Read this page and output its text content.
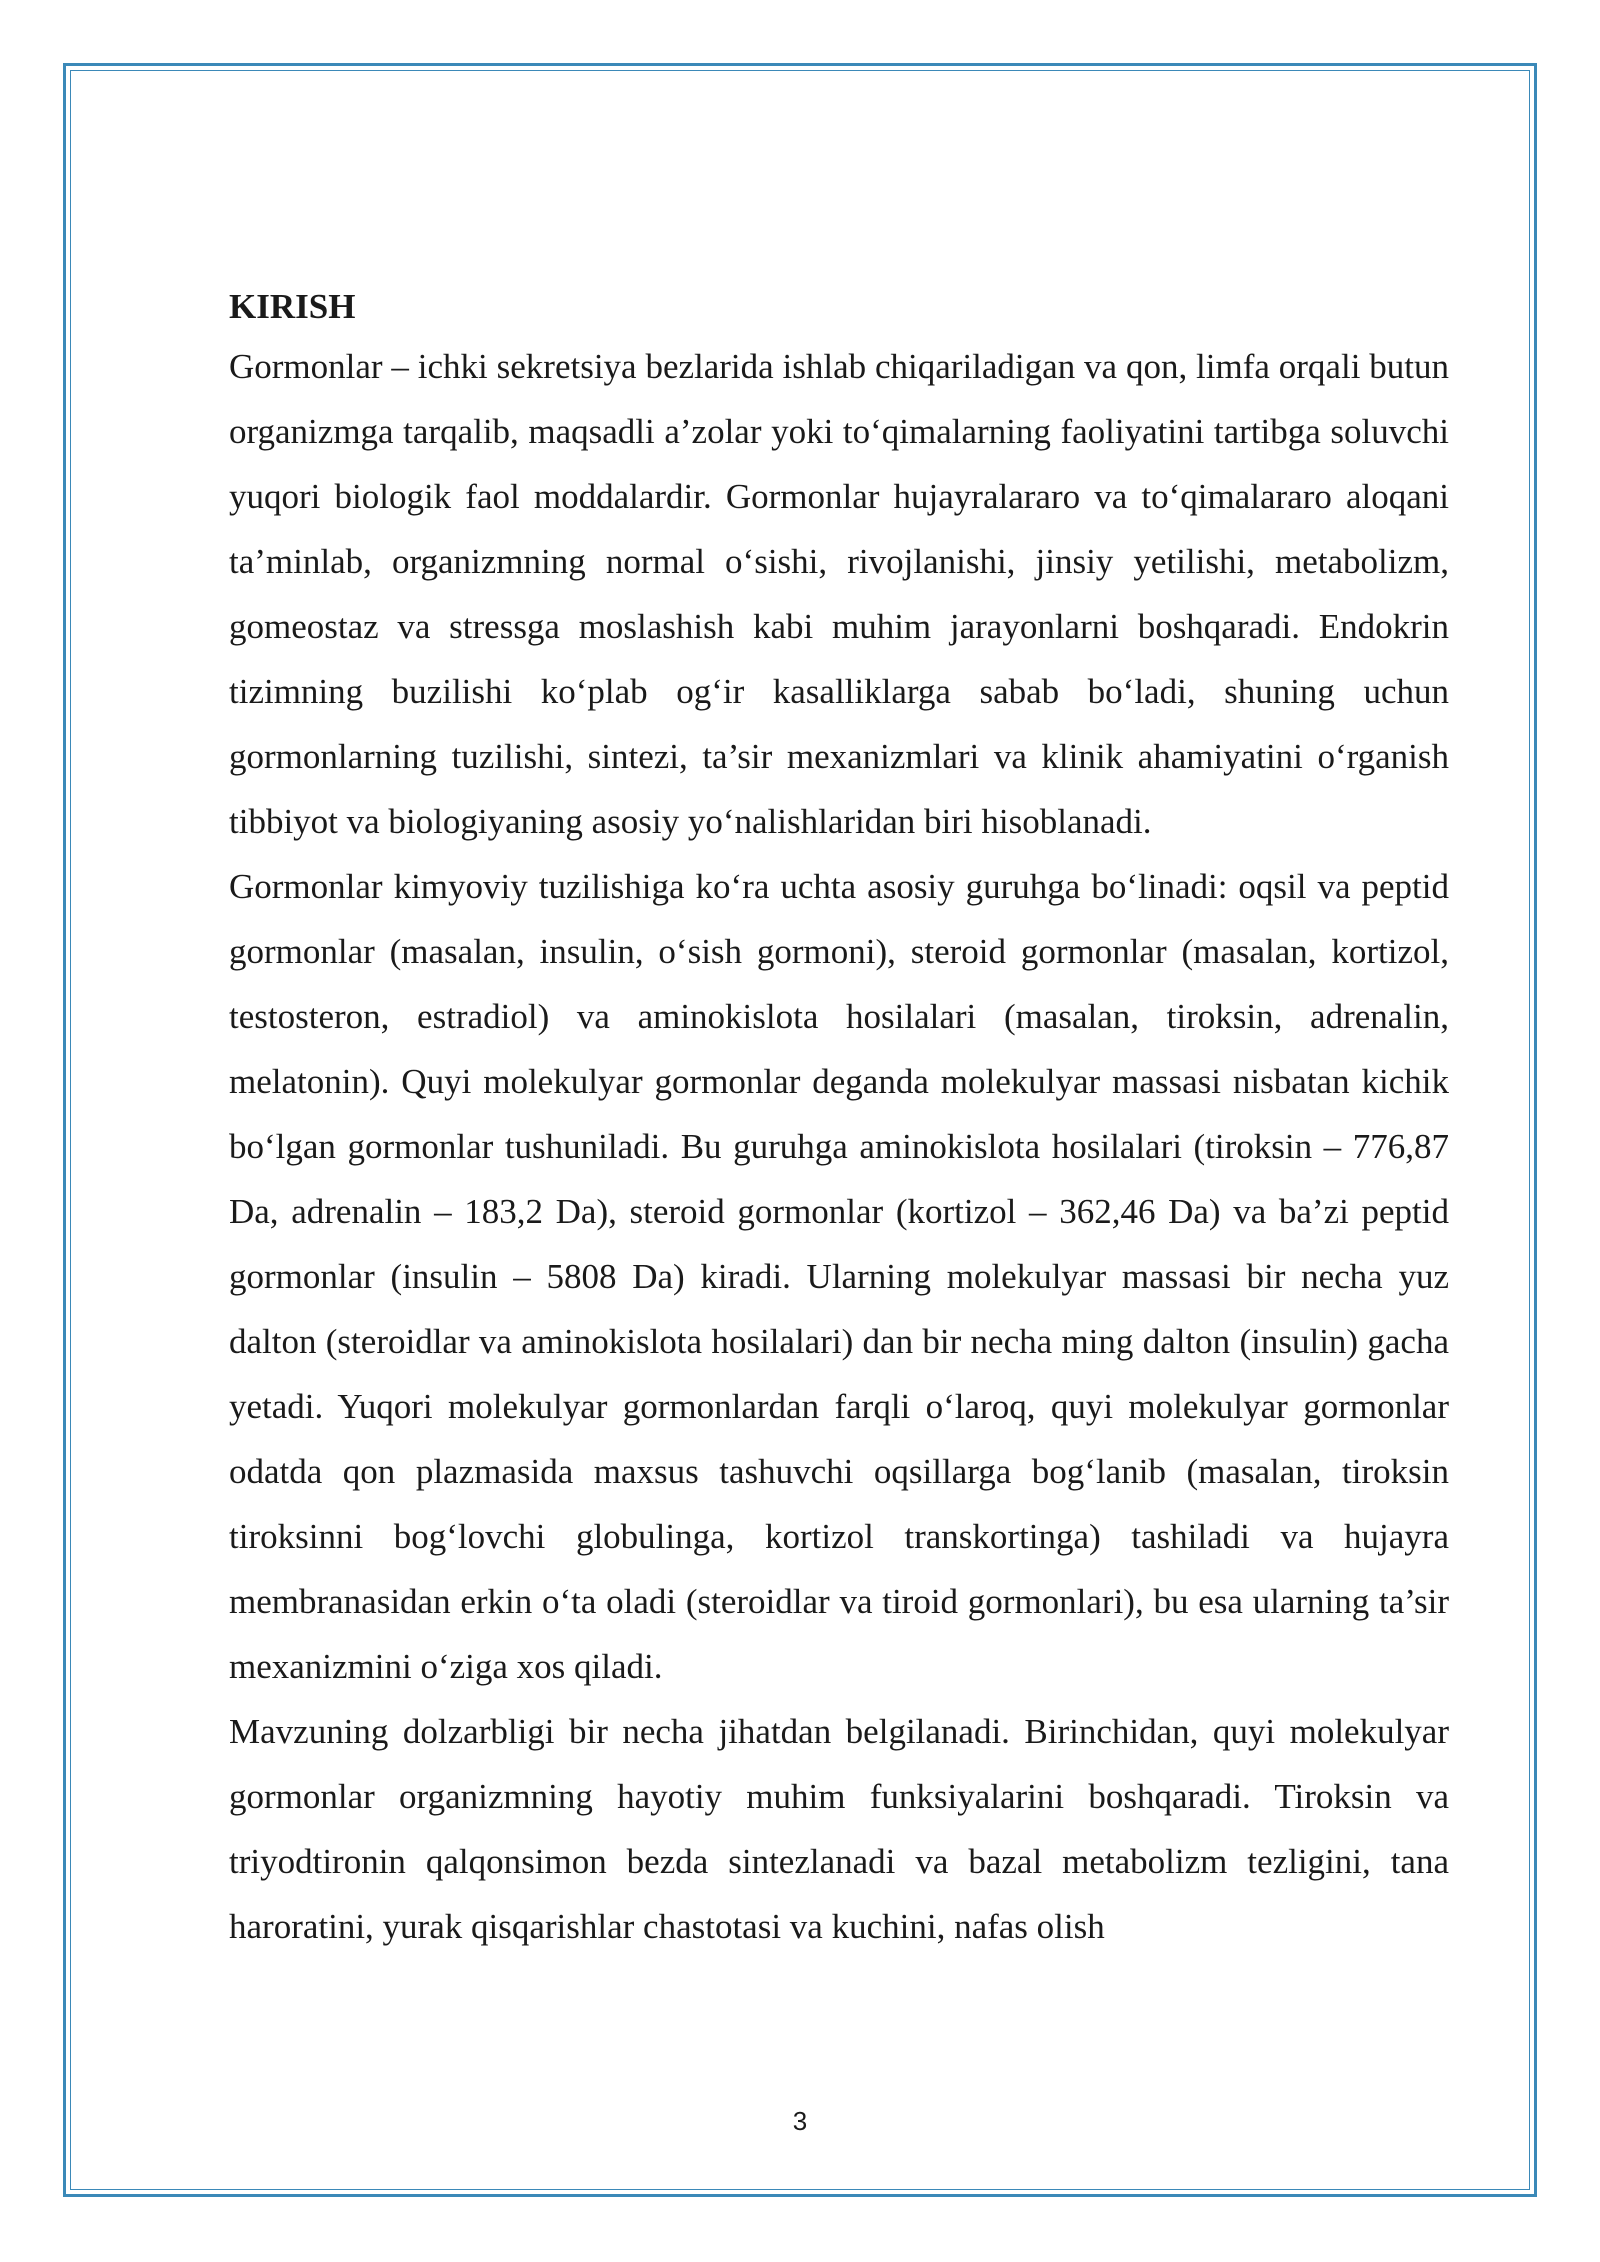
KIRISH

Gormonlar – ichki sekretsiya bezlarida ishlab chiqariladigan va qon, limfa orqali butun organizmga tarqalib, maqsadli a’zolar yoki to‘qimalarning faoliyatini tartibga soluvchi yuqori biologik faol moddalardir. Gormonlar hujayralararo va to‘qimalararo aloqani ta’minlab, organizmning normal o‘sishi, rivojlanishi, jinsiy yetilishi, metabolizm, gomeostaz va stressga moslashish kabi muhim jarayonlarni boshqaradi. Endokrin tizimning buzilishi ko‘plab og‘ir kasalliklarga sabab bo‘ladi, shuning uchun gormonlarning tuzilishi, sintezi, ta’sir mexanizmlari va klinik ahamiyatini o‘rganish tibbiyot va biologiyaning asosiy yo‘nalishlaridan biri hisoblanadi.

Gormonlar kimyoviy tuzilishiga ko‘ra uchta asosiy guruhga bo‘linadi: oqsil va peptid gormonlar (masalan, insulin, o‘sish gormoni), steroid gormonlar (masalan, kortizol, testosteron, estradiol) va aminokislota hosilalari (masalan, tiroksin, adrenalin, melatonin). Quyi molekulyar gormonlar deganda molekulyar massasi nisbatan kichik bo‘lgan gormonlar tushuniladi. Bu guruhga aminokislota hosilalari (tiroksin – 776,87 Da, adrenalin – 183,2 Da), steroid gormonlar (kortizol – 362,46 Da) va ba’zi peptid gormonlar (insulin – 5808 Da) kiradi. Ularning molekulyar massasi bir necha yuz dalton (steroidlar va aminokislota hosilalari) dan bir necha ming dalton (insulin) gacha yetadi. Yuqori molekulyar gormonlardan farqli o‘laroq, quyi molekulyar gormonlar odatda qon plazmasida maxsus tashuvchi oqsillarga bog‘lanib (masalan, tiroksin tiroksinni bog‘lovchi globulinga, kortizol transkortinga) tashiladi va hujayra membranasidan erkin o‘ta oladi (steroidlar va tiroid gormonlari), bu esa ularning ta’sir mexanizmini o‘ziga xos qiladi.

Mavzuning dolzarbligi bir necha jihatdan belgilanadi. Birinchidan, quyi molekulyar gormonlar organizmning hayotiy muhim funksiyalarini boshqaradi. Tiroksin va triyodtironin qalqonsimon bezda sintezlanadi va bazal metabolizm tezligini, tana haroratini, yurak qisqarishlar chastotasi va kuchini, nafas olish

3
